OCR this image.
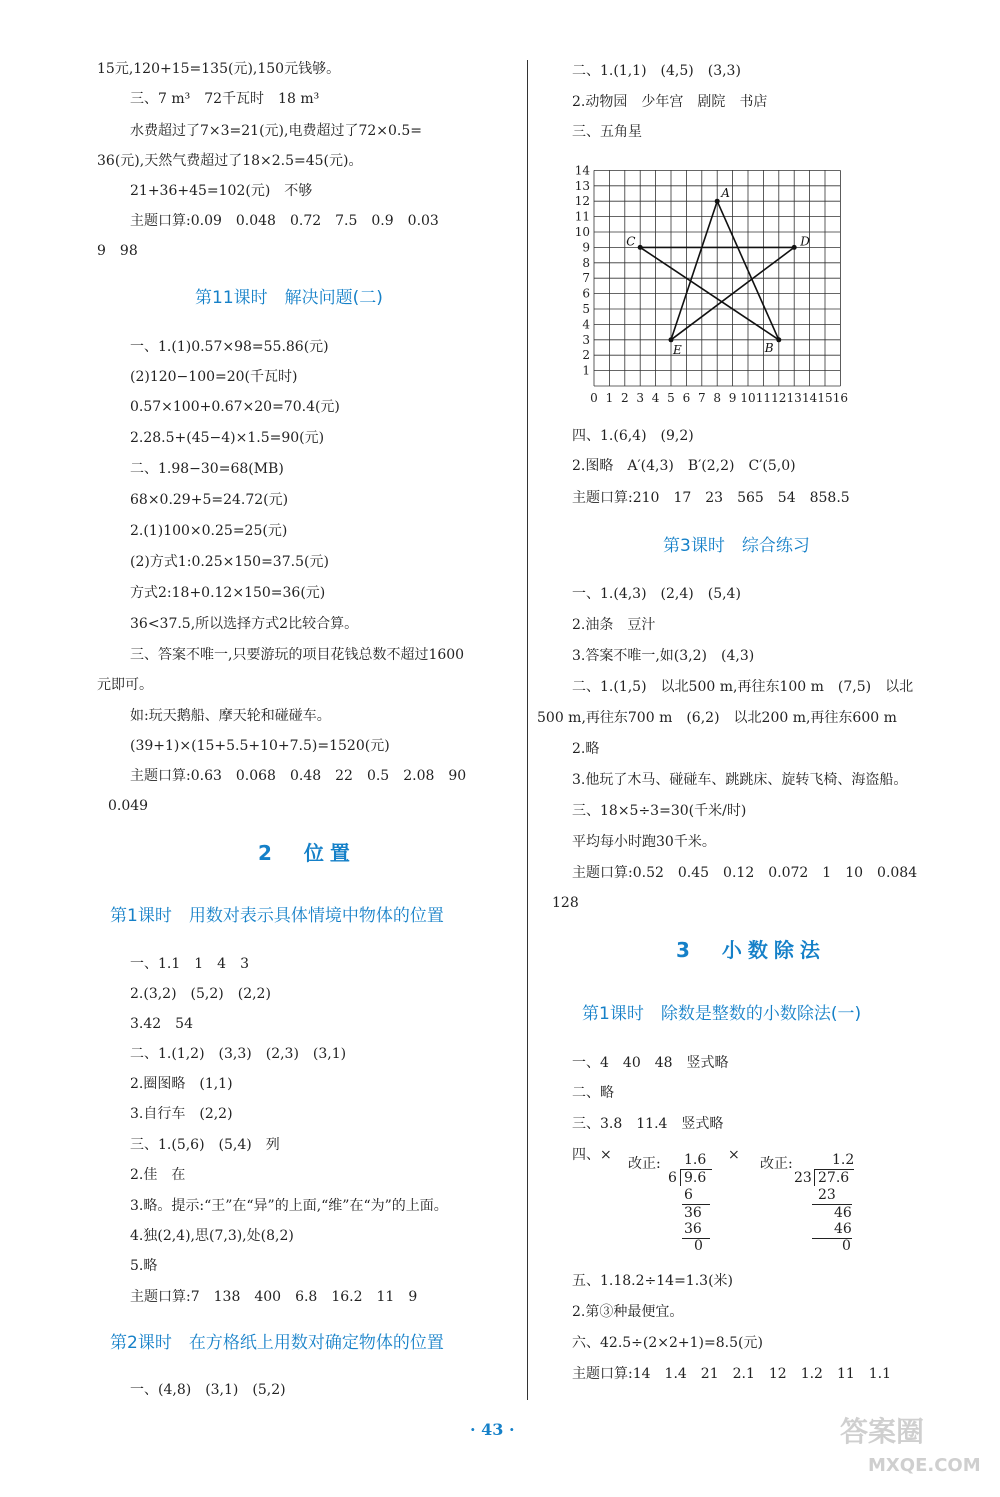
15元,120+15=135(元),150元钱够。
三、7 m³　72千瓦时　18 m³
水费超过了7×3=21(元),电费超过了72×0.5=
36(元),天然气费超过了18×2.5=45(元)。
21+36+45=102(元)　不够
主题口算:0.09　0.048　0.72　7.5　0.9　0.03
9　98
第11课时　解决问题(二)
一、1.(1)0.57×98=55.86(元)
(2)120−100=20(千瓦时)
0.57×100+0.67×20=70.4(元)
2.28.5+(45−4)×1.5=90(元)
二、1.98−30=68(MB)
68×0.29+5=24.72(元)
2.(1)100×0.25=25(元)
(2)方式1:0.25×150=37.5(元)
方式2:18+0.12×150=36(元)
36<37.5,所以选择方式2比较合算。
三、答案不唯一,只要游玩的项目花钱总数不超过1600
元即可。
如:玩天鹅船、摩天轮和碰碰车。
(39+1)×(15+5.5+10+7.5)=1520(元)
主题口算:0.63　0.068　0.48　22　0.5　2.08　90
0.049
2　位置
第1课时　用数对表示具体情境中物体的位置
一、1.1　1　4　3
2.(3,2)　(5,2)　(2,2)
3.42　54
二、1.(1,2)　(3,3)　(2,3)　(3,1)
2.圈图略　(1,1)
3.自行车　(2,2)
三、1.(5,6)　(5,4)　列
2.佳　在
3.略。提示:“王”在“异”的上面,“维”在“为”的上面。
4.独(2,4),思(7,3),处(8,2)
5.略
主题口算:7　138　400　6.8　16.2　11　9
第2课时　在方格纸上用数对确定物体的位置
一、(4,8)　(3,1)　(5,2)
二、1.(1,1)　(4,5)　(3,3)
2.动物园　少年宫　剧院　书店
三、五角星
0 1 2 3 4 5 6 7 8 9 10 11 12 13 14 15 16
1
2
3
4
5
6
7
8
9
10
11
12
13
14
A
B
C	D
E
四、1.(6,4)　(9,2)
2.图略　A′(4,3)　B′(2,2)　C′(5,0)
主题口算:210　17　23　565　54　858.5
第3课时　综合练习
一、1.(4,3)　(2,4)　(5,4)
2.油条　豆汁
3.答案不唯一,如(3,2)　(4,3)
二、1.(1,5)　以北500 m,再往东100 m　(7,5)　以北
500 m,再往东700 m　(6,2)　以北200 m,再往东600 m
2.略
3.他玩了木马、碰碰车、跳跳床、旋转飞椅、海盗船。
三、18×5÷3=30(千米/时)
平均每小时跑30千米。
主题口算:0.52　0.45　0.12　0.072　1　10　0.084
128
3　小数除法
第1课时　除数是整数的小数除法(一)
一、4　40　48　竖式略
二、略
三、3.8　11.4　竖式略
四、×
改正:
×
改正:
1.6
6 9.6
6
36
36
0
1.2
23 27.6
23
46
46
0
五、1.18.2÷14=1.3(米)
2.第③种最便宜。
六、42.5÷(2×2+1)=8.5(元)
主题口算:14　1.4　21　2.1　12　1.2　11　1.1
· 43 ·	答案圈
MXQE.COM
